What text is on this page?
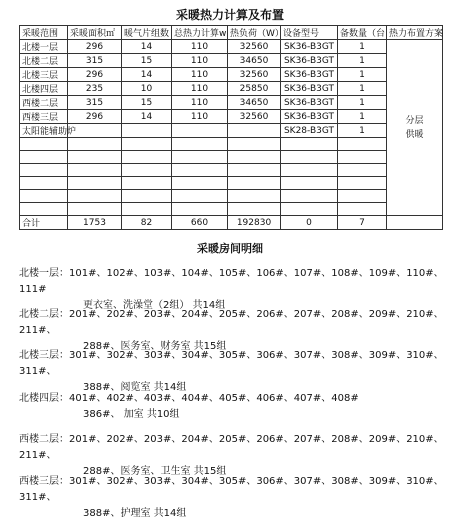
采暖热力计算及布置
采暖范围	采暖面积㎡	暖气片组数	总热力计算w	热负荷（W）	设备型号	备数量（台	热力布置方案
北楼一层	296	14	110	32560	SK36-B3GT	1	分层
供暖
北楼二层	315	15	110	34650	SK36-B3GT	1	
北楼三层	296	14	110	32560	SK36-B3GT	1	
北楼四层	235	10	110	25850	SK36-B3GT	1	
西楼二层	315	15	110	34650	SK36-B3GT	1	
西楼三层	296	14	110	32560	SK36-B3GT	1	
太阳能辅助炉					SK28-B3GT	1	

合计	1753	82	660	192830	0	7	
采暖房间明细
北楼一层：101#、102#、103#、104#、105#、106#、107#、108#、109#、110#、111#
更衣室、洗澡堂（2组） 共14组
北楼二层：201#、202#、203#、204#、205#、206#、207#、208#、209#、210#、211#、
288#、医务室、财务室 共15组
北楼三层：301#、302#、303#、304#、305#、306#、307#、308#、309#、310#、311#、
388#、阅览室 共14组
北楼四层：401#、402#、403#、404#、405#、406#、407#、408#
386#、 加室 共10组
西楼二层：201#、202#、203#、204#、205#、206#、207#、208#、209#、210#、211#、
288#、医务室、卫生室 共15组
西楼三层：301#、302#、303#、304#、305#、306#、307#、308#、309#、310#、311#、
388#、护理室 共14组
